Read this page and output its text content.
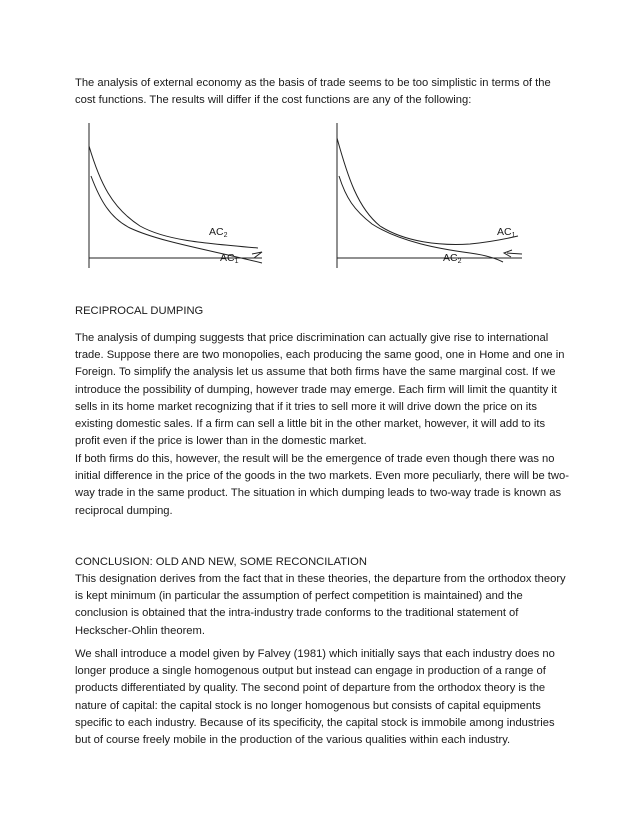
The analysis of external economy as the basis of trade seems to be too simplistic in terms of the cost functions. The results will differ if the cost functions are any of the following:

AC2
AC1
AC1
AC2

RECIPROCAL DUMPING

The analysis of dumping suggests that price discrimination can actually give rise to international trade. Suppose there are two monopolies, each producing the same good, one in Home and one in Foreign. To simplify the analysis let us assume that both firms have the same marginal cost. If we introduce the possibility of dumping, however trade may emerge. Each firm will limit the quantity it sells in its home market recognizing that if it tries to sell more it will drive down the price on its existing domestic sales. If a firm can sell a little bit in the other market, however, it will add to its profit even if the price is lower than in the domestic market.

If both firms do this, however, the result will be the emergence of trade even though there was no initial difference in the price of the goods in the two markets. Even more peculiarly, there will be two-way trade in the same product. The situation in which dumping leads to two-way trade is known as reciprocal dumping.

CONCLUSION: OLD AND NEW, SOME RECONCILATION

This designation derives from the fact that in these theories, the departure from the orthodox theory is kept minimum (in particular the assumption of perfect competition is maintained) and the conclusion is obtained that the intra-industry trade conforms to the traditional statement of Heckscher-Ohlin theorem.

We shall introduce a model given by Falvey (1981) which initially says that each industry does no longer produce a single homogenous output but instead can engage in production of a range of products differentiated by quality. The second point of departure from the orthodox theory is the nature of capital: the capital stock is no longer homogenous but consists of capital equipments specific to each industry. Because of its specificity, the capital stock is immobile among industries but of course freely mobile in the production of the various qualities within each industry.
